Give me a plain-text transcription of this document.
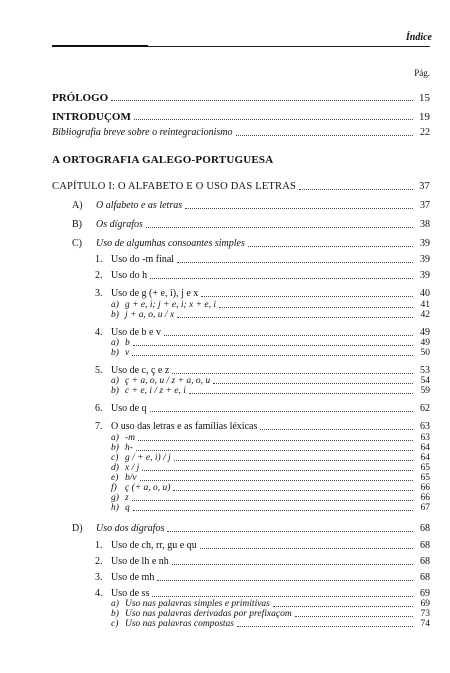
Índice
Pág.
PRÓLOGO	15
INTRODUÇOM	19
Bibliografia breve sobre o reintegracionismo	22
A ORTOGRAFIA GALEGO-PORTUGUESA
CAPÍTULO I: O ALFABETO E O USO DAS LETRAS	37
A)	O alfabeto e as letras	37
B)	Os dígrafos	38
C)	Uso de algumhas consoantes simples	39
1. Uso do -m final	39
2. Uso do h	39
3. Uso de g (+ e, i), j e x	40
a) g + e, i; j + e, i; x + e, i	41
b) j + a, o, u / x	42
4. Uso de b e v	49
a) b	49
b) v	50
5. Uso de c, ç e z	53
a) ç + a, o, u / z + a, o, u	54
b) c + e, i / z + e, i	59
6. Uso de q	62
7. O uso das letras e as famílias léxicas	63
a) -m	63
b) h-	64
c) g / + e, i) / j	64
d) x / j	65
e) b/v	65
f) ç (+ a, o, u)	66
g) z	66
h) q	67
D)	Uso dos dígrafos	68
1. Uso de ch, rr, gu e qu	68
2. Uso de lh e nh	68
3. Uso de mh	68
4. Uso de ss	69
a) Uso nas palavras simples e primitivas	69
b) Uso nas palavras derivadas por prefixaçom	73
c) Uso nas palavras compostas	74
